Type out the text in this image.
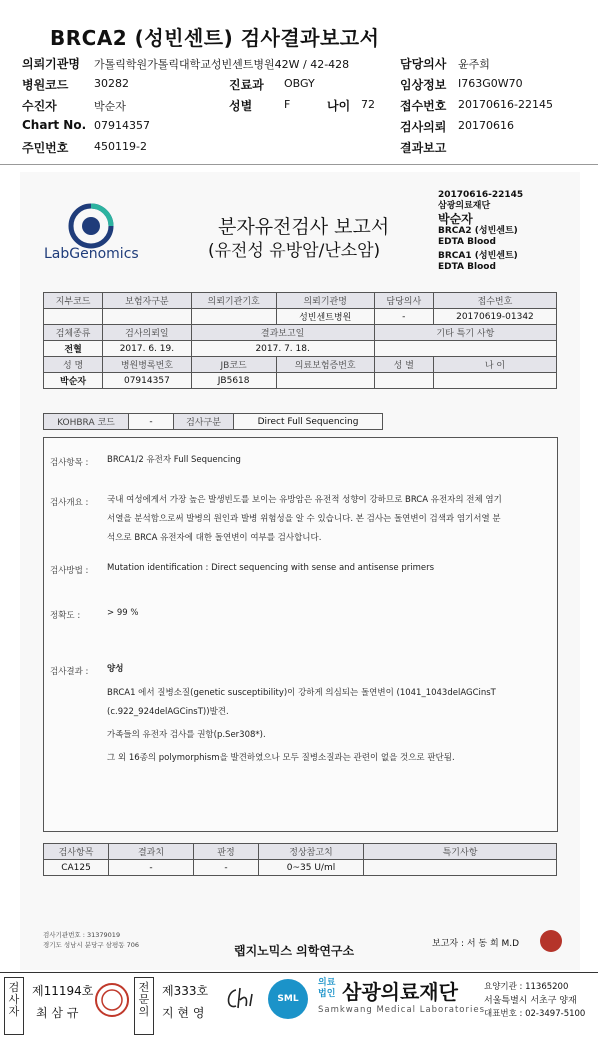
BRCA2 (성빈센트) 검사결과보고서
의뢰기관명 가톨릭학원가톨릭대학교성빈센트병원42W / 42-428	담당의사 윤주희
병원코드 30282	진료과 OBGY	임상정보 I763G0W70
수진자	박순자	성별	F	나이 72 접수번호 20170616-22145
Chart No. 07914357	검사의뢰 20170616
주민번호 450119-2	결과보고
LabGenomics
분자유전검사 보고서
(유전성 유방암/난소암)
20170616-22145
삼광의료재단
박순자
BRCA2 (성빈센트)
EDTA Blood
BRCA1 (성빈센트)
EDTA Blood
지부코드	보험자구분	의뢰기관기호	의뢰기관명	담당의사	접수번호
			성빈센트병원	-	20170619-01342
검체종류	검사의뢰일	결과보고일		기타 특기 사항	
전혈	2017. 6. 19.	2017. 7. 18.			
성 명	병원병록번호	JB코드	의료보험증번호	성 별	나 이
박순자	07914357	JB5618			
KOHBRA 코드	-	검사구분	Direct Full Sequencing
검사항목 : BRCA1/2 유전자 Full Sequencing
검사개요 : 국내 여성에게서 가장 높은 발생빈도를 보이는 유방암은 유전적 성향이 강하므로 BRCA 유전자의 전체 염기
서열을 분석함으로써 발병의 원인과 발병 위험성을 알 수 있습니다. 본 검사는 돌연변이 검색과 염기서열 분
석으로 BRCA 유전자에 대한 돌연변이 여부를 검사합니다.
검사방법 : Mutation identification : Direct sequencing with sense and antisense primers
정확도 :	> 99 %
검사결과 : 양성
BRCA1 에서 질병소질(genetic susceptibility)이 강하게 의심되는 돌연변이 (1041_1043delAGCinsT
(c.922_924delAGCinsT))발견.
가족들의 유전자 검사를 권함(p.Ser308*).
그 외 16종의 polymorphism을 발견하였으나 모두 질병소질과는 관련이 없을 것으로 판단됨.
검사항목	결과치	판정	정상참고치	특기사항
CA125	-	-	0~35 U/ml	
검사기관번호 : 31379019
경기도 성남시 분당구 삼평동 706	랩지노믹스 의학연구소	보고자 : 서 동 희 M.D
검사자
제11194호
최 삼 규
전문의
제333호
지 현 영
SML
의료법인 삼광의료재단
Samkwang Medical Laboratories
요양기관 : 11365200
서울특별시 서초구 양재
대표번호 : 02-3497-5100
